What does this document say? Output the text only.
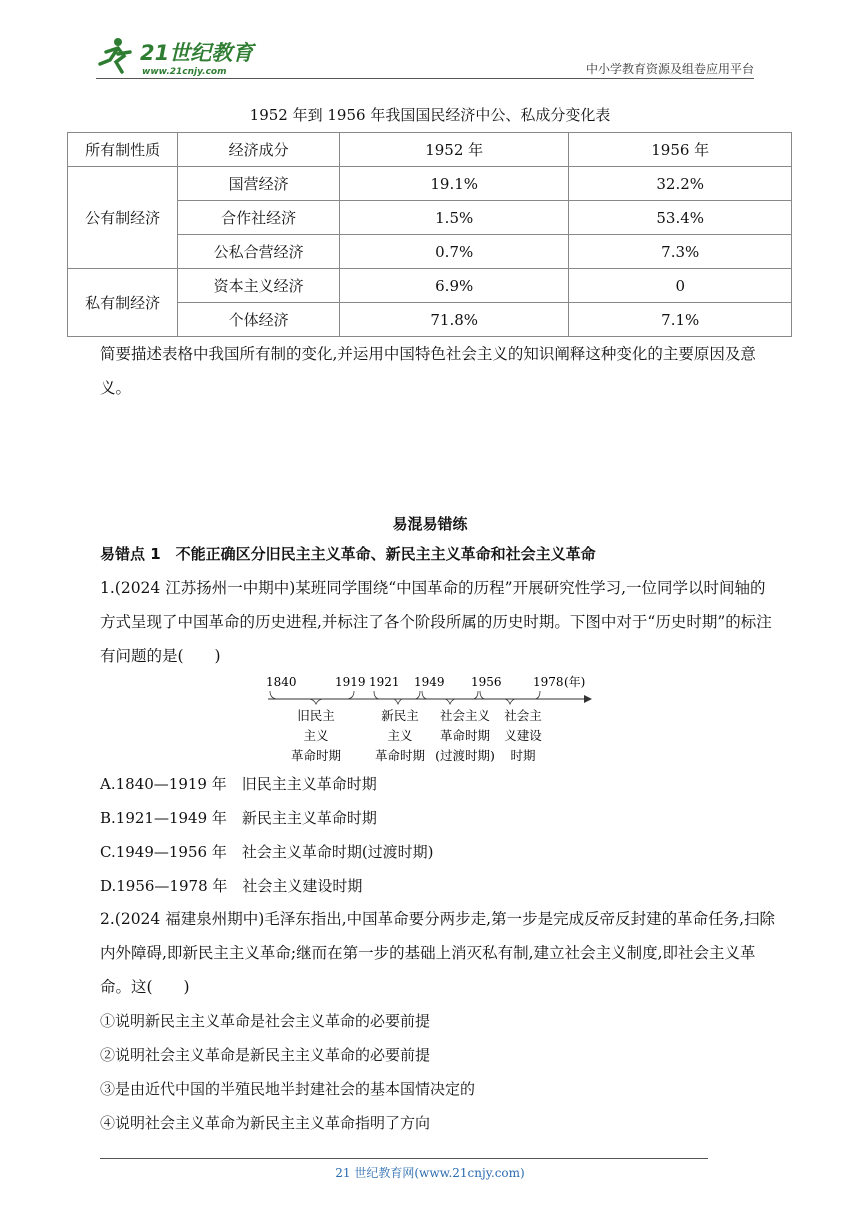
21世纪教育
www.21cnjy.com	中小学教育资源及组卷应用平台
1952 年到 1956 年我国国民经济中公、私成分变化表
所有制性质	经济成分	1952 年	1956 年
公有制经济	国营经济	19.1%	32.2%
	合作社经济	1.5%	53.4%
	公私合营经济	0.7%	7.3%
私有制经济	资本主义经济	6.9%	0
	个体经济	71.8%	7.1%
简要描述表格中我国所有制的变化,并运用中国特色社会主义的知识阐释这种变化的主要原因及意义。
易混易错练
易错点 1　不能正确区分旧民主主义革命、新民主主义革命和社会主义革命
1.(2024 江苏扬州一中期中)某班同学围绕“中国革命的历程”开展研究性学习,一位同学以时间轴的方式呈现了中国革命的历史进程,并标注了各个阶段所属的历史时期。下图中对于“历史时期”的标注有问题的是(　　)
1840	1919 1921 1949 1956	1978 (年)
旧民主
主义
革命时期
新民主
主义
革命时期
社会主义
革命时期
(过渡时期)
社会主
义建设
时期
A.1840—1919 年　旧民主主义革命时期
B.1921—1949 年　新民主主义革命时期
C.1949—1956 年　社会主义革命时期(过渡时期)
D.1956—1978 年　社会主义建设时期
2.(2024 福建泉州期中)毛泽东指出,中国革命要分两步走,第一步是完成反帝反封建的革命任务,扫除内外障碍,即新民主主义革命;继而在第一步的基础上消灭私有制,建立社会主义制度,即社会主义革命。这(　　)
①说明新民主主义革命是社会主义革命的必要前提
②说明社会主义革命是新民主主义革命的必要前提
③是由近代中国的半殖民地半封建社会的基本国情决定的
④说明社会主义革命为新民主主义革命指明了方向
21 世纪教育网(www.21cnjy.com)
